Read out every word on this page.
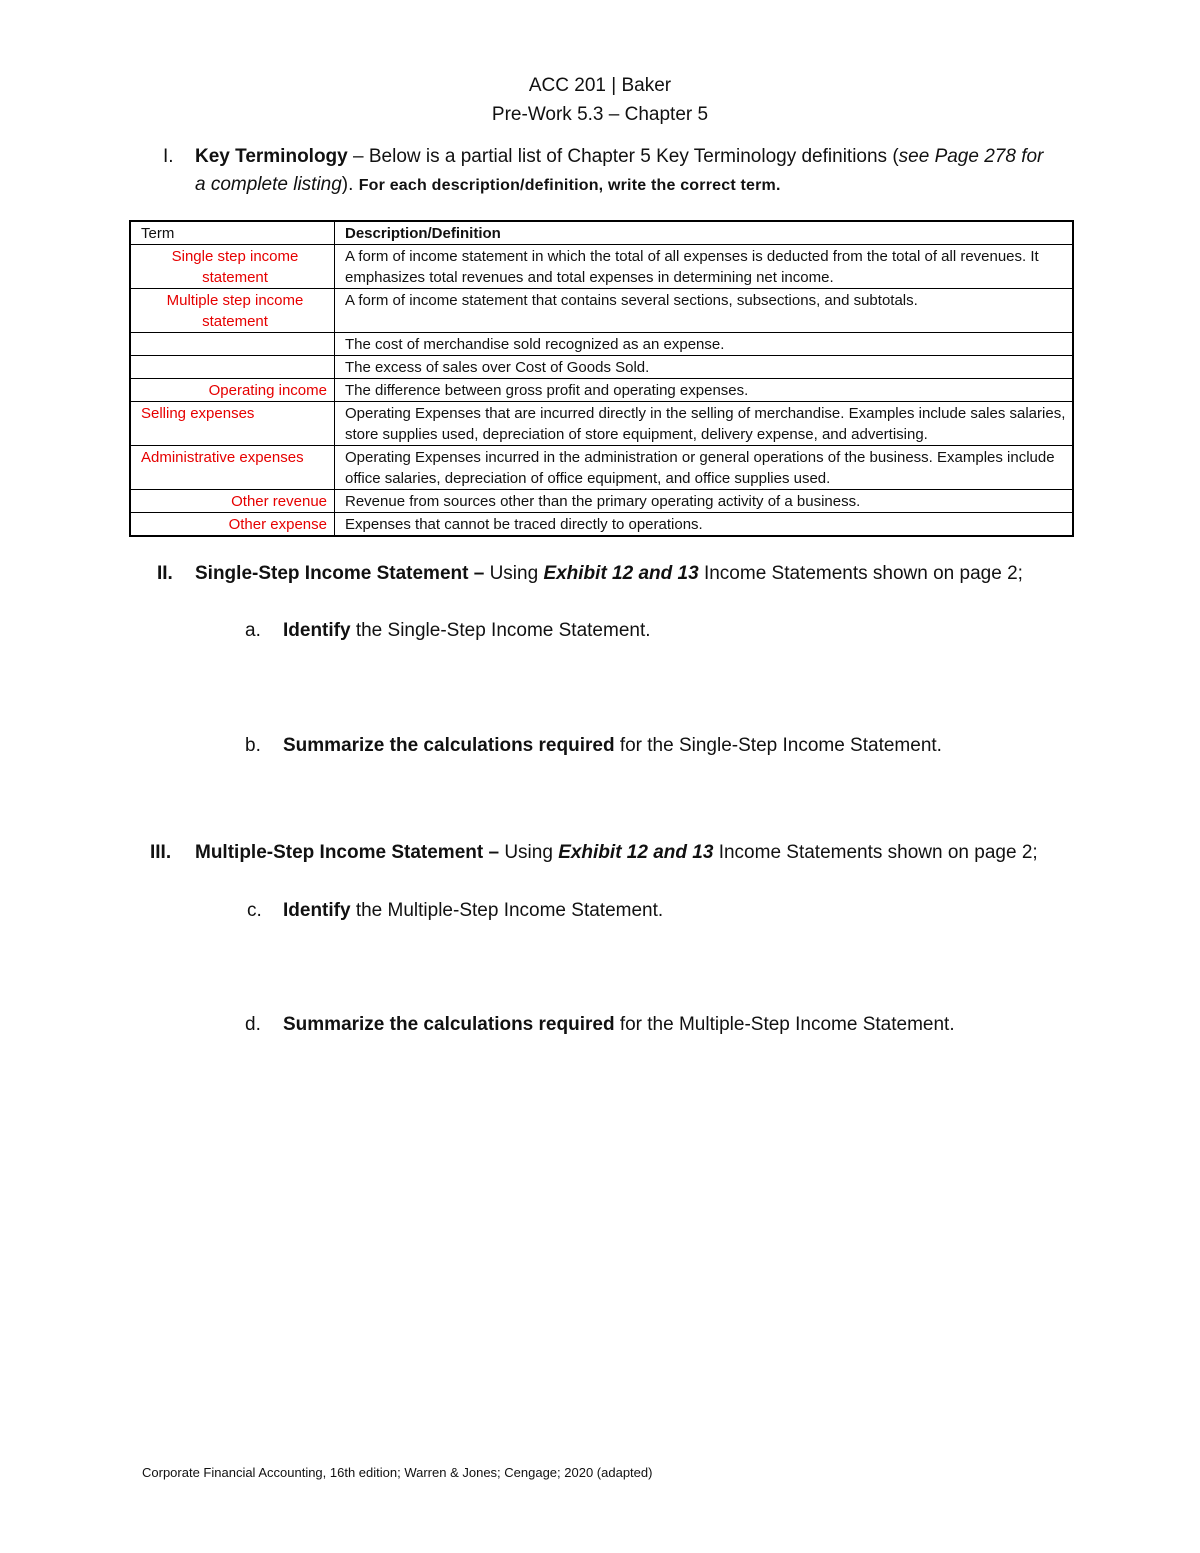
ACC 201 | Baker
Pre-Work 5.3 – Chapter 5
I. Key Terminology – Below is a partial list of Chapter 5 Key Terminology definitions (see Page 278 for a complete listing). For each description/definition, write the correct term.
Term	Description/Definition
Single step income statement	A form of income statement in which the total of all expenses is deducted from the total of all revenues. It emphasizes total revenues and total expenses in determining net income.
Multiple step income statement	A form of income statement that contains several sections, subsections, and subtotals.
	The cost of merchandise sold recognized as an expense.
	The excess of sales over Cost of Goods Sold.
Operating income	The difference between gross profit and operating expenses.
Selling expenses	Operating Expenses that are incurred directly in the selling of merchandise. Examples include sales salaries, store supplies used, depreciation of store equipment, delivery expense, and advertising.
Administrative expenses	Operating Expenses incurred in the administration or general operations of the business. Examples include office salaries, depreciation of office equipment, and office supplies used.
Other revenue	Revenue from sources other than the primary operating activity of a business.
Other expense	Expenses that cannot be traced directly to operations.
II. Single-Step Income Statement – Using Exhibit 12 and 13 Income Statements shown on page 2;
a. Identify the Single-Step Income Statement.
b. Summarize the calculations required for the Single-Step Income Statement.
III. Multiple-Step Income Statement – Using Exhibit 12 and 13 Income Statements shown on page 2;
c. Identify the Multiple-Step Income Statement.
d. Summarize the calculations required for the Multiple-Step Income Statement.
Corporate Financial Accounting, 16th edition; Warren & Jones; Cengage; 2020 (adapted)
